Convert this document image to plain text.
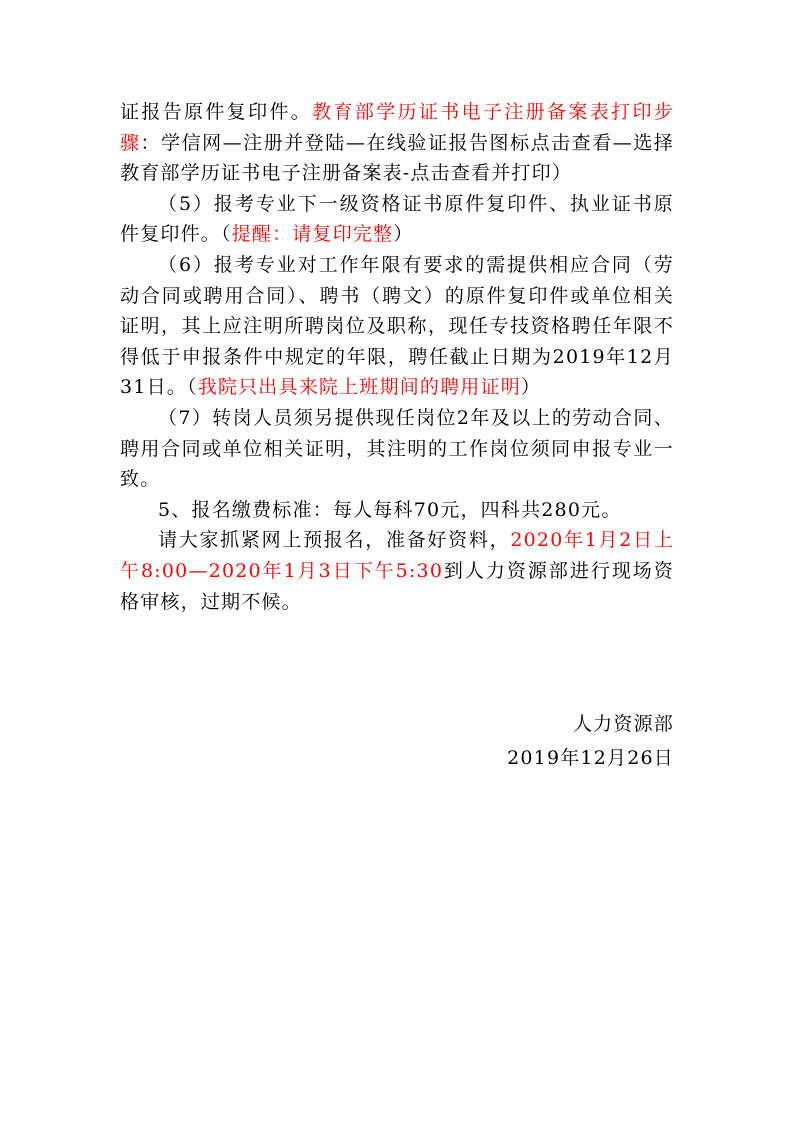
证报告原件复印件。教育部学历证书电子注册备案表打印步骤：学信网—注册并登陆—在线验证报告图标点击查看—选择教育部学历证书电子注册备案表-点击查看并打印）

（5）报考专业下一级资格证书原件复印件、执业证书原件复印件。（提醒：请复印完整）

（6）报考专业对工作年限有要求的需提供相应合同（劳动合同或聘用合同）、聘书（聘文）的原件复印件或单位相关证明，其上应注明所聘岗位及职称，现任专技资格聘任年限不得低于申报条件中规定的年限，聘任截止日期为2019年12月31日。（我院只出具来院上班期间的聘用证明）

（7）转岗人员须另提供现任岗位2年及以上的劳动合同、聘用合同或单位相关证明，其注明的工作岗位须同申报专业一致。

5、报名缴费标准：每人每科70元，四科共280元。

请大家抓紧网上预报名，准备好资料，2020年1月2日上午8:00—2020年1月3日下午5:30到人力资源部进行现场资格审核，过期不候。

人力资源部
2019年12月26日
